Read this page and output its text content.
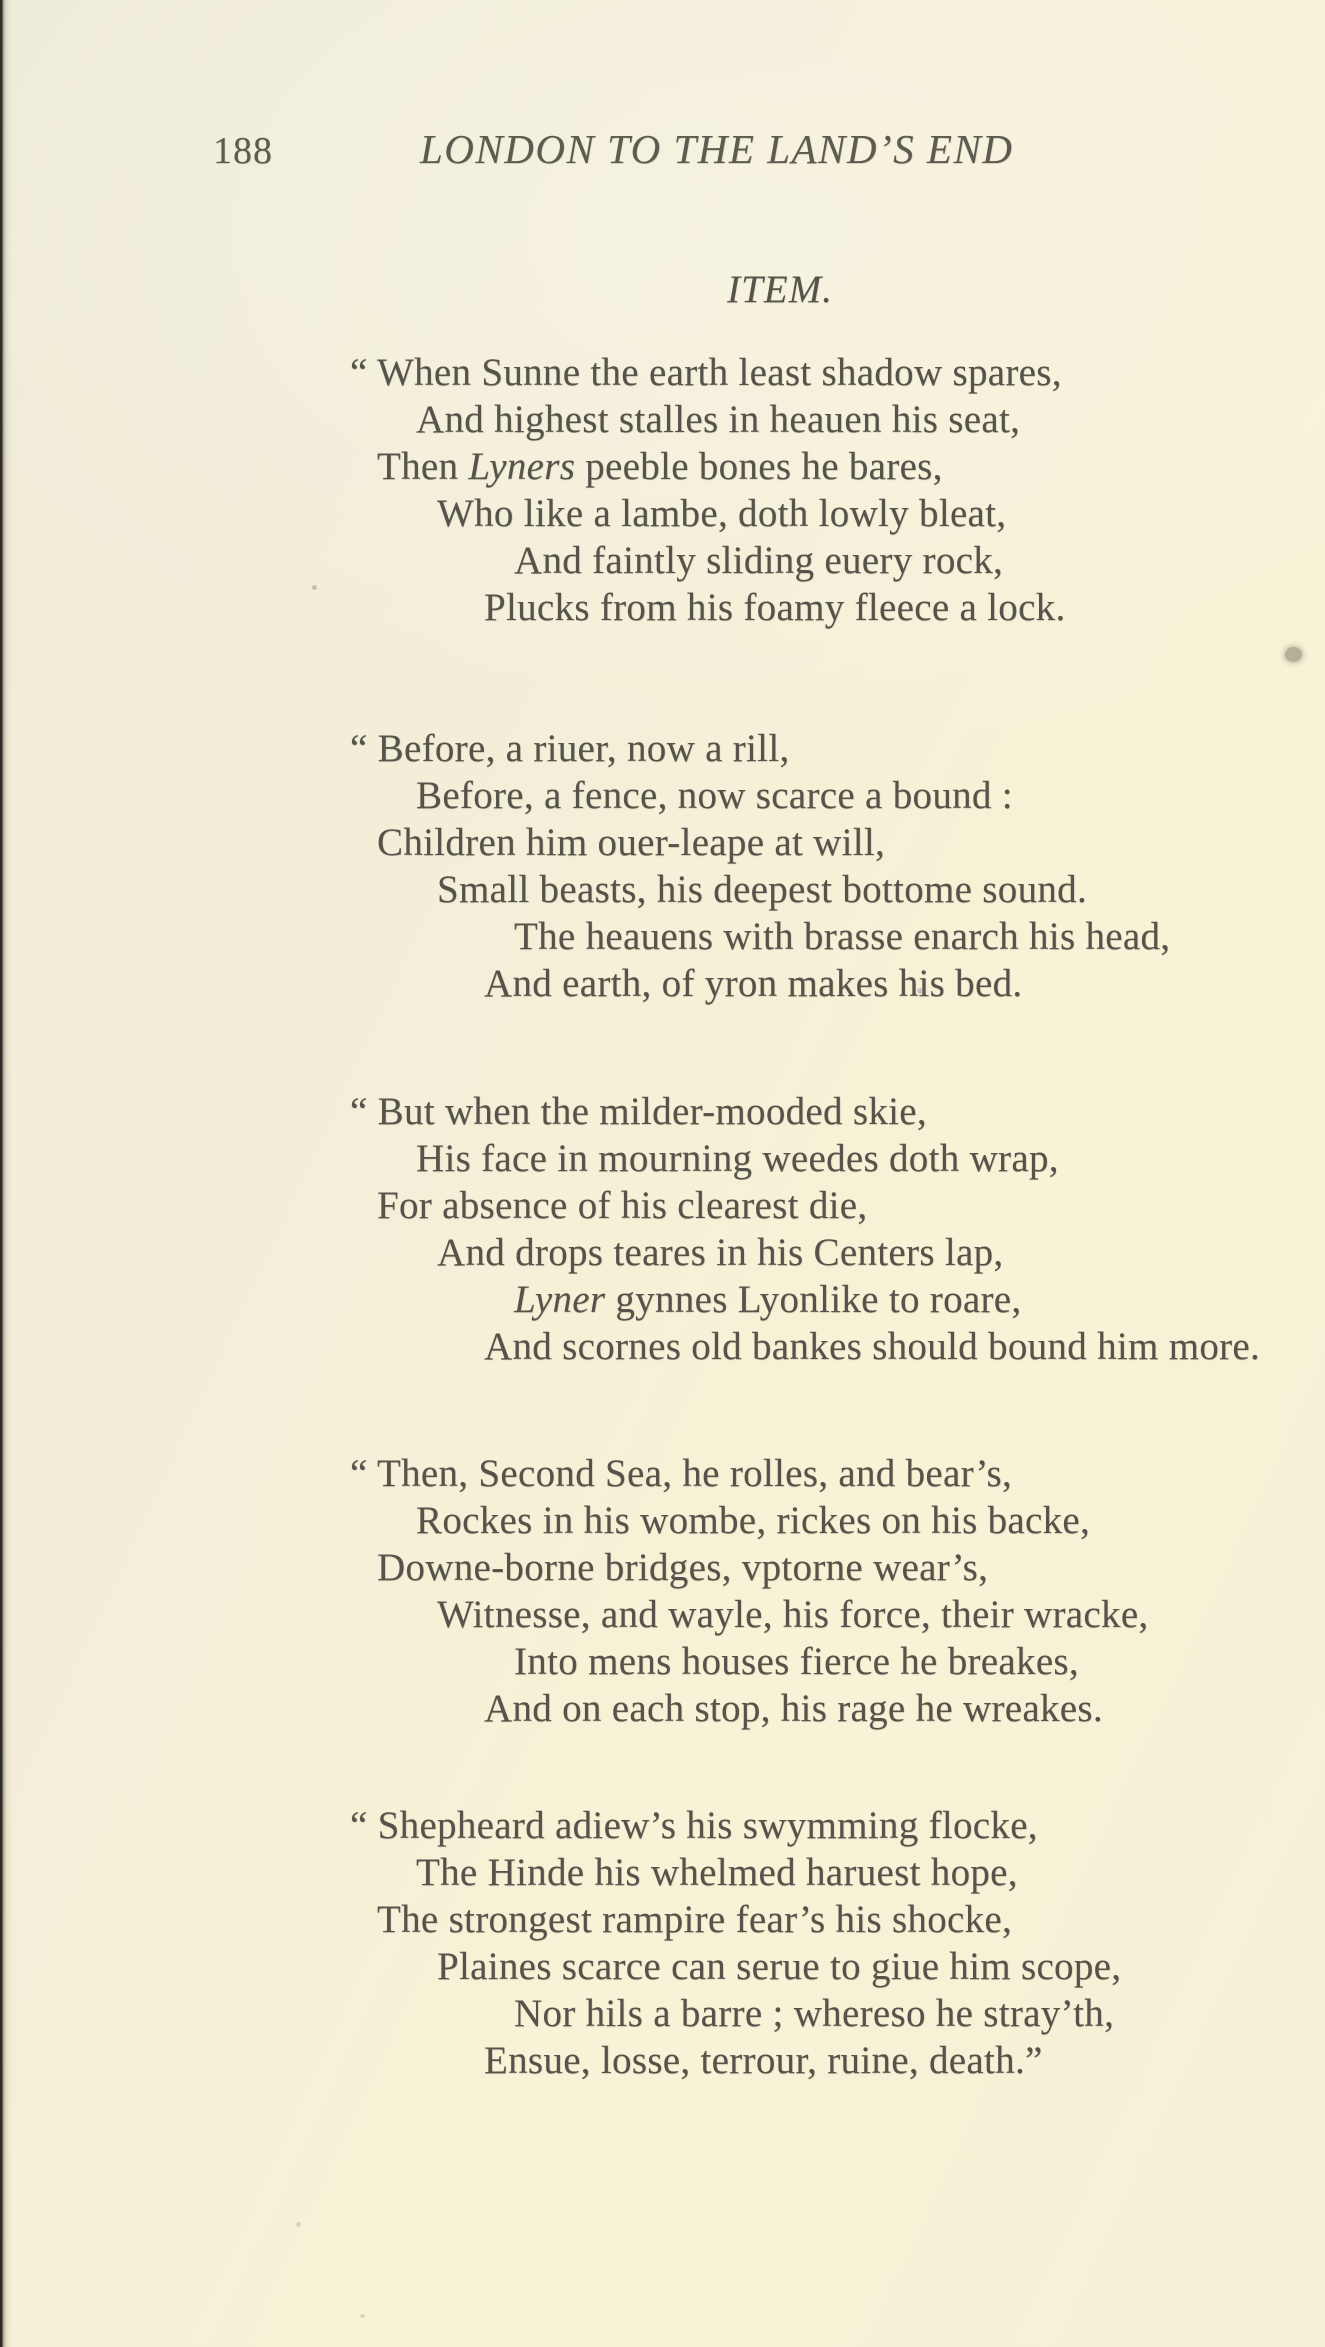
188	LONDON TO THE LAND’S END
ITEM.
“ When Sunne the earth least shadow spares,
And highest stalles in heauen his seat,
Then Lyners peeble bones he bares,
Who like a lambe, doth lowly bleat,
And faintly sliding euery rock,
Plucks from his foamy fleece a lock.
“ Before, a riuer, now a rill,
Before, a fence, now scarce a bound :
Children him ouer-leape at will,
Small beasts, his deepest bottome sound.
The heauens with brasse enarch his head,
And earth, of yron makes his bed.
“ But when the milder-mooded skie,
His face in mourning weedes doth wrap,
For absence of his clearest die,
And drops teares in his Centers lap,
Lyner gynnes Lyonlike to roare,
And scornes old bankes should bound him more.
“ Then, Second Sea, he rolles, and bear’s,
Rockes in his wombe, rickes on his backe,
Downe-borne bridges, vptorne wear’s,
Witnesse, and wayle, his force, their wracke,
Into mens houses fierce he breakes,
And on each stop, his rage he wreakes.
“ Shepheard adiew’s his swymming flocke,
The Hinde his whelmed haruest hope,
The strongest rampire fear’s his shocke,
Plaines scarce can serue to giue him scope,
Nor hils a barre ; whereso he stray’th,
Ensue, losse, terrour, ruine, death.”
